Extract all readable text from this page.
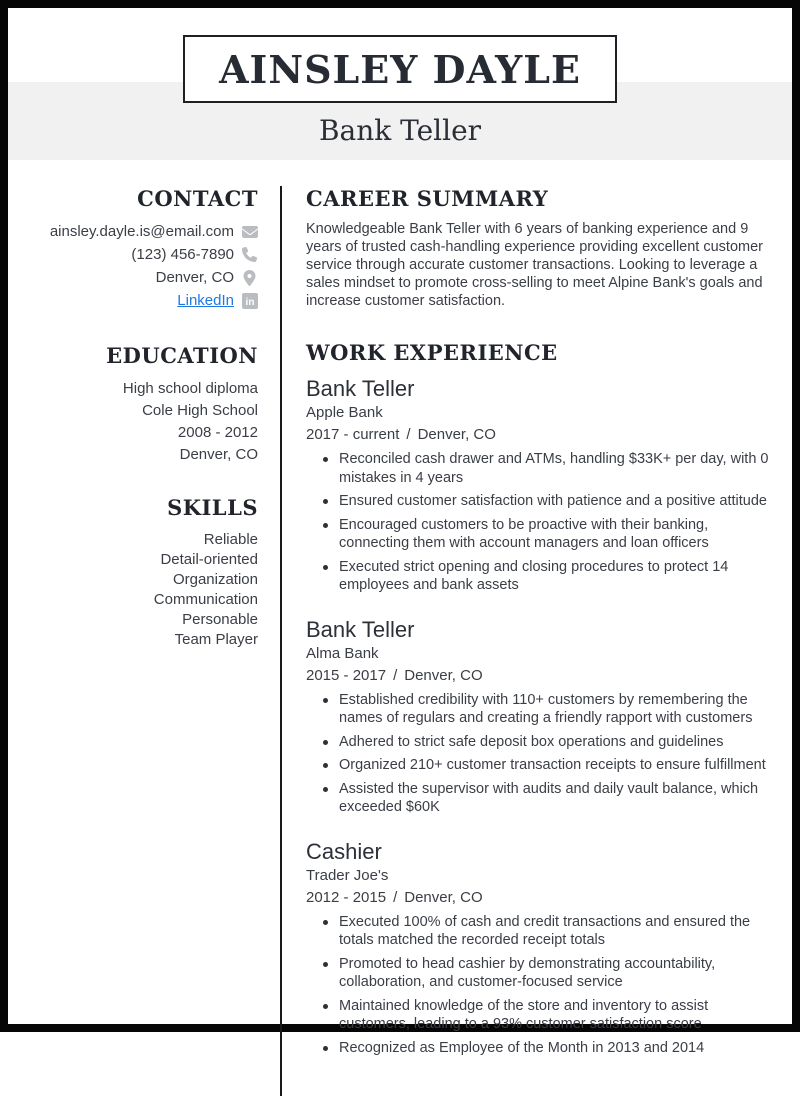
AINSLEY DAYLE
Bank Teller
CONTACT
ainsley.dayle.is@email.com
(123) 456-7890
Denver, CO
LinkedIn in
EDUCATION
High school diploma
Cole High School
2008 - 2012
Denver, CO
SKILLS
Reliable
Detail-oriented
Organization
Communication
Personable
Team Player
CAREER SUMMARY

Knowledgeable Bank Teller with 6 years of banking experience and 9 years of trusted cash-handling experience providing excellent customer service through accurate customer transactions. Looking to leverage a sales mindset to promote cross-selling to meet Alpine Bank's goals and increase customer satisfaction.

WORK EXPERIENCE
Bank Teller
Apple Bank
2017 - current / Denver, CO
Reconciled cash drawer and ATMs, handling $33K+ per day, with 0 mistakes in 4 years
Ensured customer satisfaction with patience and a positive attitude
Encouraged customers to be proactive with their banking, connecting them with account managers and loan officers
Executed strict opening and closing procedures to protect 14 employees and bank assets
Bank Teller
Alma Bank
2015 - 2017 / Denver, CO
Established credibility with 110+ customers by remembering the names of regulars and creating a friendly rapport with customers
Adhered to strict safe deposit box operations and guidelines
Organized 210+ customer transaction receipts to ensure fulfillment
Assisted the supervisor with audits and daily vault balance, which exceeded $60K
Cashier
Trader Joe's
2012 - 2015 / Denver, CO
Executed 100% of cash and credit transactions and ensured the totals matched the recorded receipt totals
Promoted to head cashier by demonstrating accountability, collaboration, and customer-focused service
Maintained knowledge of the store and inventory to assist customers, leading to a 93% customer satisfaction score
Recognized as Employee of the Month in 2013 and 2014
